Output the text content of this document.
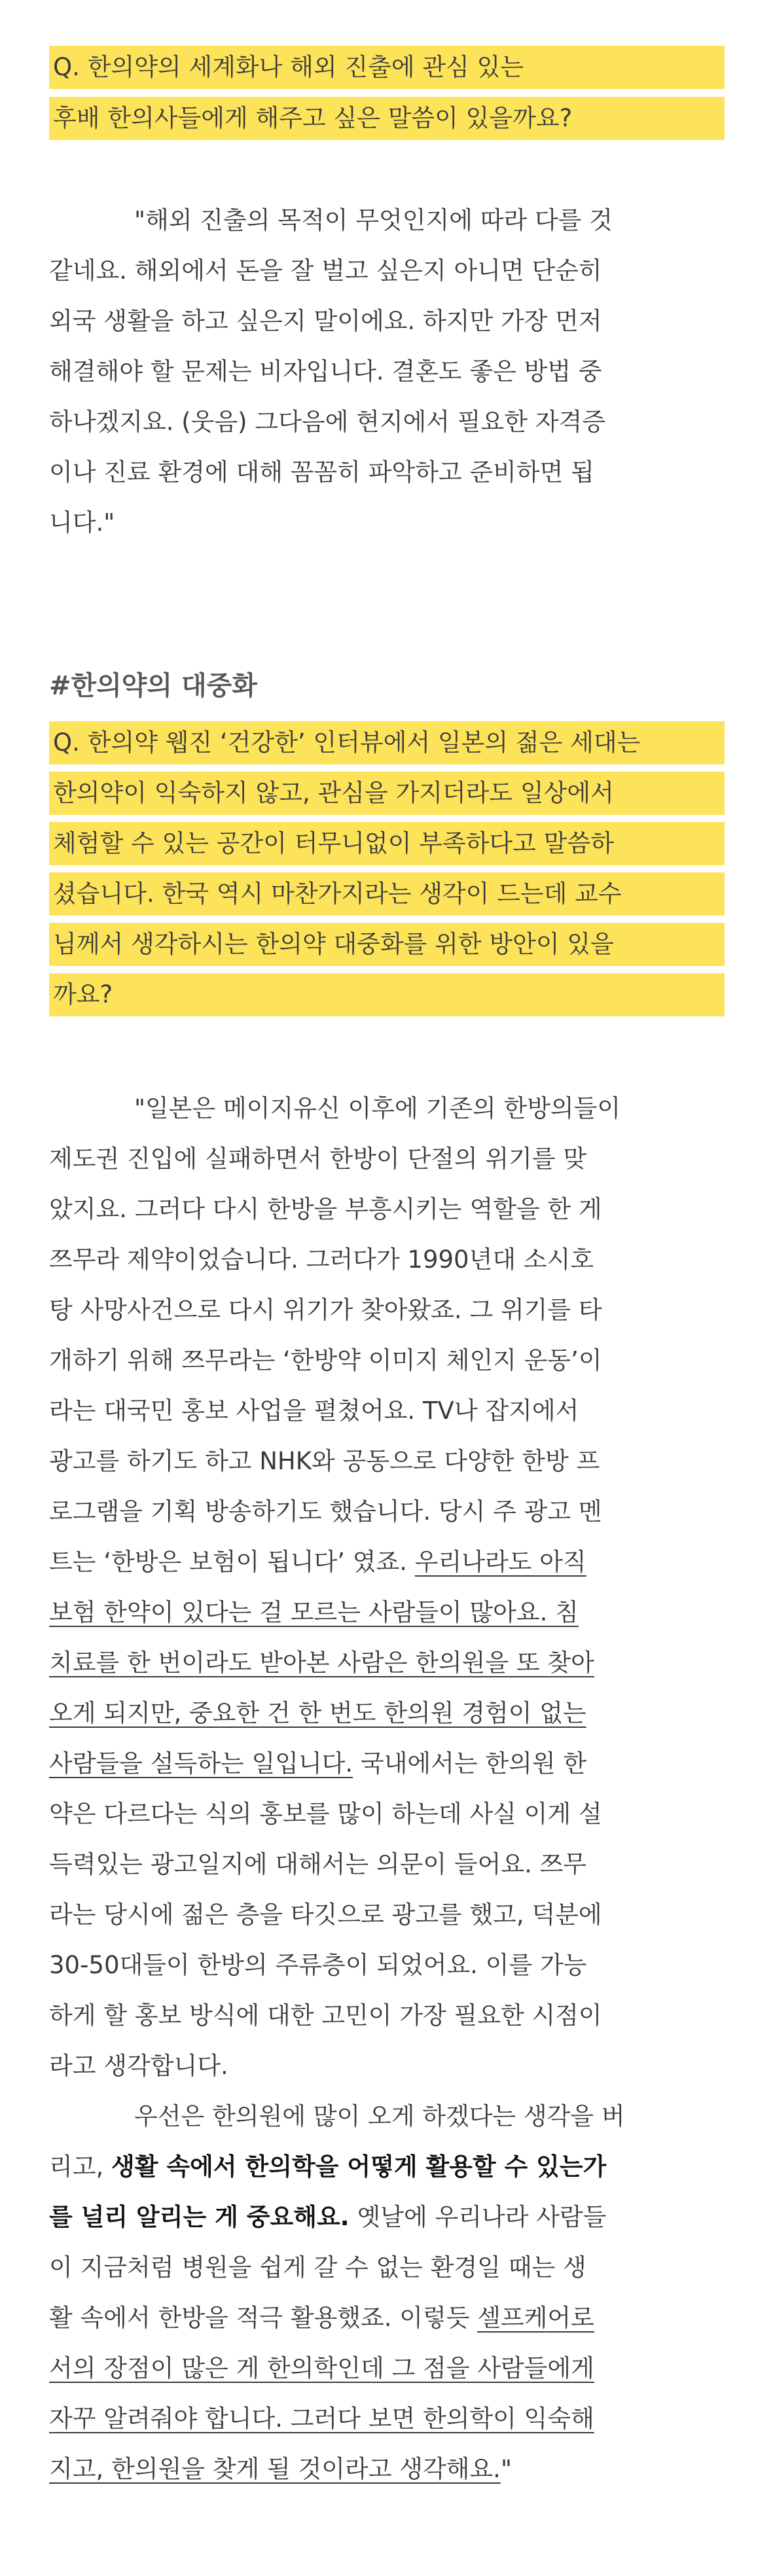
Q. 한의약의 세계화나 해외 진출에 관심 있는
후배 한의사들에게 해주고 싶은 말씀이 있을까요?
"해외 진출의 목적이 무엇인지에 따라 다를 것
같네요. 해외에서 돈을 잘 벌고 싶은지 아니면 단순히
외국 생활을 하고 싶은지 말이에요. 하지만 가장 먼저
해결해야 할 문제는 비자입니다. 결혼도 좋은 방법 중
하나겠지요. (웃음) 그다음에 현지에서 필요한 자격증
이나 진료 환경에 대해 꼼꼼히 파악하고 준비하면 됩
니다."
#한의약의 대중화
Q. 한의약 웹진 ‘건강한’ 인터뷰에서 일본의 젊은 세대는
한의약이 익숙하지 않고, 관심을 가지더라도 일상에서
체험할 수 있는 공간이 터무니없이 부족하다고 말씀하
셨습니다. 한국 역시 마찬가지라는 생각이 드는데 교수
님께서 생각하시는 한의약 대중화를 위한 방안이 있을
까요?
"일본은 메이지유신 이후에 기존의 한방의들이
제도권 진입에 실패하면서 한방이 단절의 위기를 맞
았지요. 그러다 다시 한방을 부흥시키는 역할을 한 게
쯔무라 제약이었습니다. 그러다가 1990년대 소시호
탕 사망사건으로 다시 위기가 찾아왔죠. 그 위기를 타
개하기 위해 쯔무라는 ‘한방약 이미지 체인지 운동’이
라는 대국민 홍보 사업을 펼쳤어요. TV나 잡지에서
광고를 하기도 하고 NHK와 공동으로 다양한 한방 프
로그램을 기획 방송하기도 했습니다. 당시 주 광고 멘
트는 ‘한방은 보험이 됩니다’ 였죠. 우리나라도 아직
보험 한약이 있다는 걸 모르는 사람들이 많아요. 침
치료를 한 번이라도 받아본 사람은 한의원을 또 찾아
오게 되지만, 중요한 건 한 번도 한의원 경험이 없는
사람들을 설득하는 일입니다. 국내에서는 한의원 한
약은 다르다는 식의 홍보를 많이 하는데 사실 이게 설
득력있는 광고일지에 대해서는 의문이 들어요. 쯔무
라는 당시에 젊은 층을 타깃으로 광고를 했고, 덕분에
30-50대들이 한방의 주류층이 되었어요. 이를 가능
하게 할 홍보 방식에 대한 고민이 가장 필요한 시점이
라고 생각합니다.
우선은 한의원에 많이 오게 하겠다는 생각을 버
리고, 생활 속에서 한의학을 어떻게 활용할 수 있는가
를 널리 알리는 게 중요해요. 옛날에 우리나라 사람들
이 지금처럼 병원을 쉽게 갈 수 없는 환경일 때는 생
활 속에서 한방을 적극 활용했죠. 이렇듯 셀프케어로
서의 장점이 많은 게 한의학인데 그 점을 사람들에게
자꾸 알려줘야 합니다. 그러다 보면 한의학이 익숙해
지고, 한의원을 찾게 될 것이라고 생각해요."
